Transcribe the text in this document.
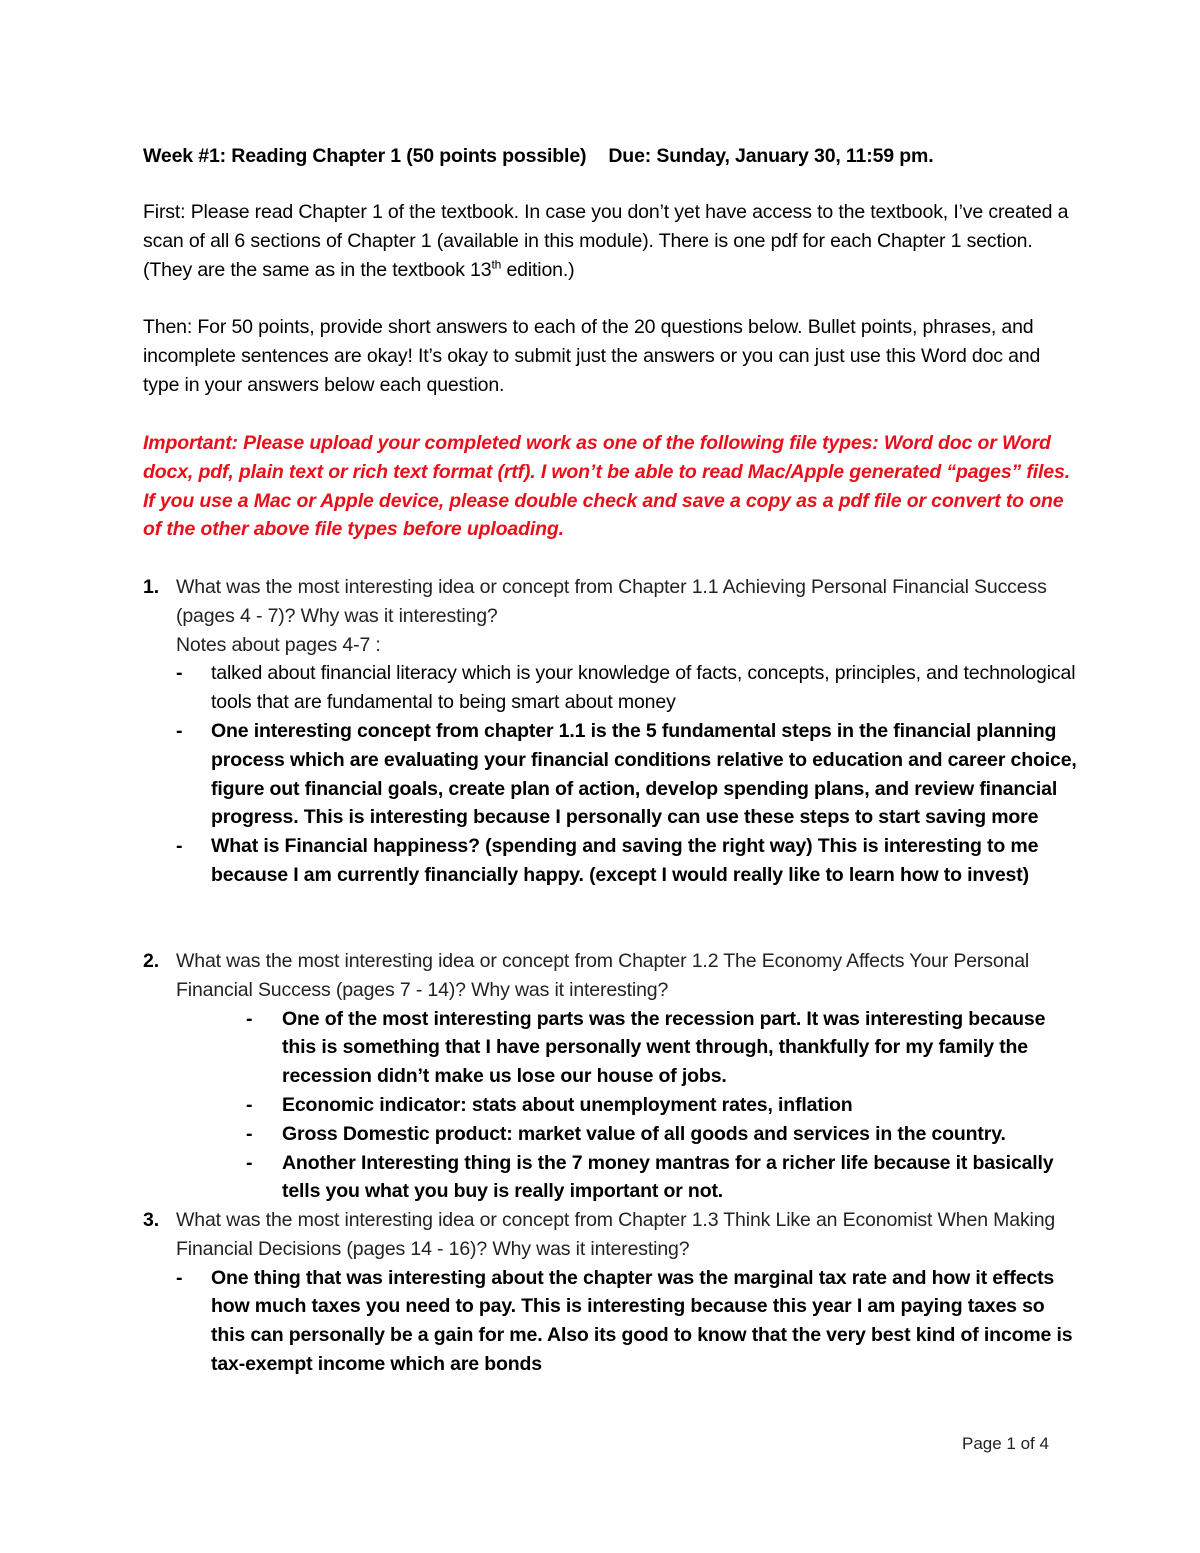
Week #1: Reading Chapter 1 (50 points possible) Due: Sunday, January 30, 11:59 pm.

First: Please read Chapter 1 of the textbook. In case you don’t yet have access to the textbook, I’ve created a scan of all 6 sections of Chapter 1 (available in this module). There is one pdf for each Chapter 1 section. (They are the same as in the textbook 13th edition.)

Then: For 50 points, provide short answers to each of the 20 questions below. Bullet points, phrases, and incomplete sentences are okay! It’s okay to submit just the answers or you can just use this Word doc and type in your answers below each question.

Important: Please upload your completed work as one of the following file types: Word doc or Word docx, pdf, plain text or rich text format (rtf). I won’t be able to read Mac/Apple generated “pages” files. If you use a Mac or Apple device, please double check and save a copy as a pdf file or convert to one of the other above file types before uploading.

1. What was the most interesting idea or concept from Chapter 1.1 Achieving Personal Financial Success (pages 4 - 7)? Why was it interesting?
Notes about pages 4-7 :
- talked about financial literacy which is your knowledge of facts, concepts, principles, and technological tools that are fundamental to being smart about money
- One interesting concept from chapter 1.1 is the 5 fundamental steps in the financial planning process which are evaluating your financial conditions relative to education and career choice, figure out financial goals, create plan of action, develop spending plans, and review financial progress. This is interesting because I personally can use these steps to start saving more
- What is Financial happiness? (spending and saving the right way) This is interesting to me because I am currently financially happy. (except I would really like to learn how to invest)
2. What was the most interesting idea or concept from Chapter 1.2 The Economy Affects Your Personal Financial Success (pages 7 - 14)? Why was it interesting?
- One of the most interesting parts was the recession part. It was interesting because this is something that I have personally went through, thankfully for my family the recession didn’t make us lose our house of jobs.
- Economic indicator: stats about unemployment rates, inflation
- Gross Domestic product: market value of all goods and services in the country.
- Another Interesting thing is the 7 money mantras for a richer life because it basically tells you what you buy is really important or not.
3. What was the most interesting idea or concept from Chapter 1.3 Think Like an Economist When Making Financial Decisions (pages 14 - 16)? Why was it interesting?
- One thing that was interesting about the chapter was the marginal tax rate and how it effects how much taxes you need to pay. This is interesting because this year I am paying taxes so this can personally be a gain for me. Also its good to know that the very best kind of income is tax-exempt income which are bonds
Page 1 of 4
